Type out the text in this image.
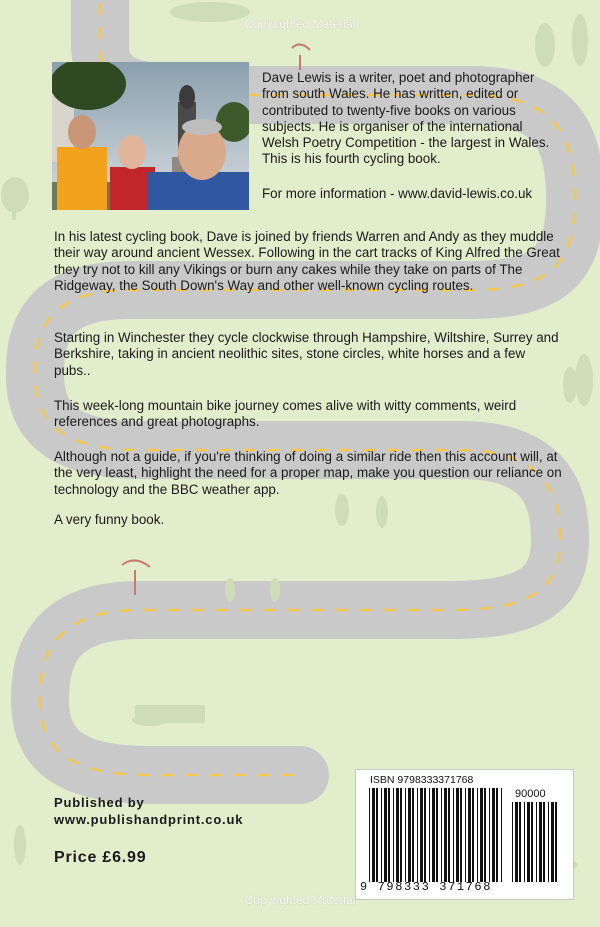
Copyrighted Material

Dave Lewis is a writer, poet and photographer from south Wales. He has written, edited or contributed to twenty-five books on various subjects. He is organiser of the international Welsh Poetry Competition - the largest in Wales. This is his fourth cycling book.

For more information - www.david-lewis.co.uk

In his latest cycling book, Dave is joined by friends Warren and Andy as they muddle their way around ancient Wessex. Following in the cart tracks of King Alfred the Great they try not to kill any Vikings or burn any cakes while they take on parts of The Ridgeway, the South Down's Way and other well-known cycling routes.

Starting in Winchester they cycle clockwise through Hampshire, Wiltshire, Surrey and Berkshire, taking in ancient neolithic sites, stone circles, white horses and a few pubs..

This week-long mountain bike journey comes alive with witty comments, weird references and great photographs.

Although not a guide, if you're thinking of doing a similar ride then this account will, at the very least, highlight the need for a proper map, make you question our reliance on technology and the BBC weather app.

A very funny book.

Published by
www.publishandprint.co.uk
Price £6.99
ISBN 9798333371768
90000
9 798333 371768
Copyrighted Material
